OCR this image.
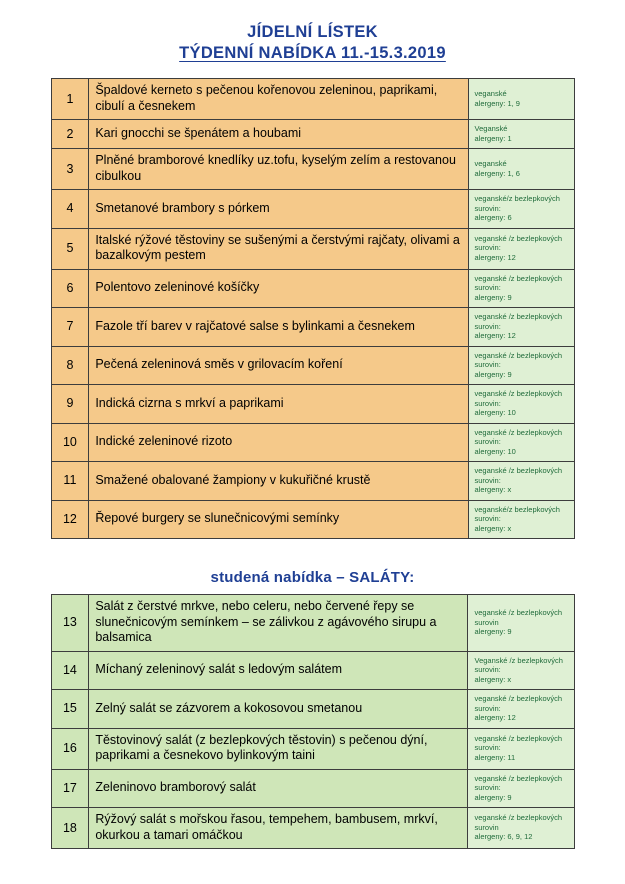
JÍDELNÍ LÍSTEK
TÝDENNÍ NABÍDKA 11.-15.3.2019
1	Špaldové kerneto s pečenou kořenovou zeleninou, paprikami, cibulí a česnekem	veganské
alergeny: 1, 9

2	Kari gnocchi se špenátem a houbami	Veganské
alergeny: 1

3	Plněné bramborové knedlíky uz.tofu, kyselým zelím a restovanou cibulkou	veganské
alergeny: 1, 6

4	Smetanové brambory s pórkem	veganské/z bezlepkových surovin:
alergeny: 6

5	Italské rýžové těstoviny se sušenými a čerstvými rajčaty, olivami a bazalkovým pestem	veganské /z bezlepkových surovin:
alergeny: 12

6	Polentovo zeleninové košíčky	veganské /z bezlepkových surovin:
alergeny: 9

7	Fazole tří barev v rajčatové salse s bylinkami a česnekem	veganské /z bezlepkových surovin:
alergeny: 12

8	Pečená zeleninová směs v grilovacím koření	veganské /z bezlepkových surovin:
alergeny: 9

9	Indická cizrna s mrkví a paprikami	veganské /z bezlepkových surovin:
alergeny: 10

10	Indické zeleninové rizoto	veganské /z bezlepkových surovin:
alergeny: 10

11	Smažené obalované žampiony v kukuřičné krustě	veganské /z bezlepkových surovin:
alergeny: x

12	Řepové burgery se slunečnicovými semínky	veganské/z bezlepkových surovin:
alergeny: x
studená nabídka – SALÁTY:
13	Salát z čerstvé mrkve, nebo celeru, nebo červené řepy se slunečnicovým semínkem – se zálivkou z agávového sirupu a balsamica	veganské /z bezlepkových surovin
alergeny: 9

14	Míchaný zeleninový salát s ledovým salátem	Veganské /z bezlepkových surovin:
alergeny: x

15	Zelný salát se zázvorem a kokosovou smetanou	veganské /z bezlepkových surovin:
alergeny: 12

16	Těstovinový salát (z bezlepkových těstovin) s pečenou dýní, paprikami a česnekovo bylinkovým taini	veganské /z bezlepkových surovin:
alergeny: 11

17	Zeleninovo bramborový salát	veganské /z bezlepkových surovin:
alergeny: 9

18	Rýžový salát s mořskou řasou, tempehem, bambusem, mrkví, okurkou a tamari omáčkou	veganské /z bezlepkových surovin
alergeny: 6, 9, 12
